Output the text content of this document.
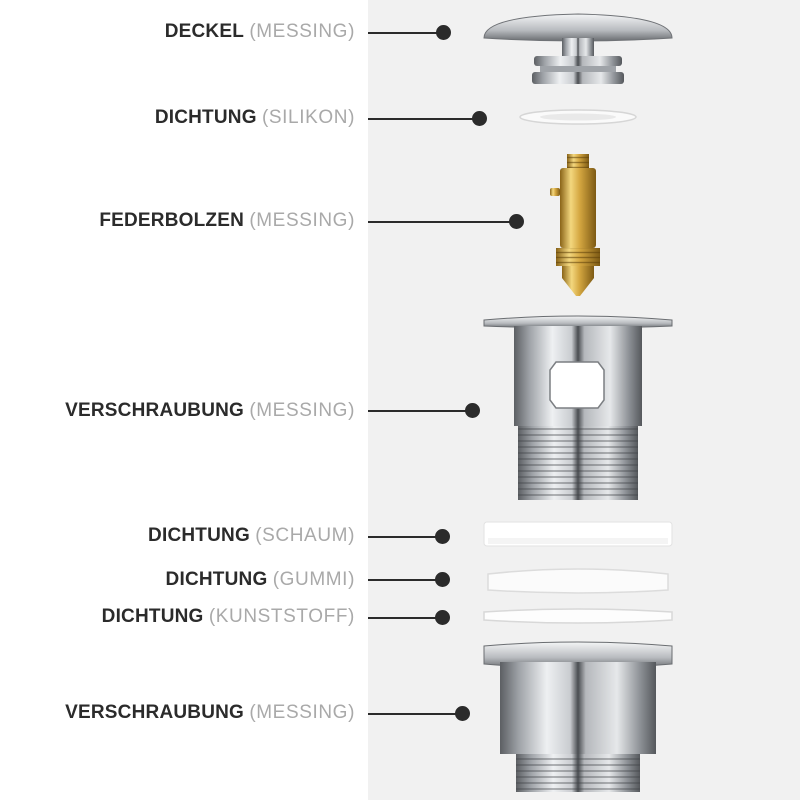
DECKEL (MESSING)
DICHTUNG (SILIKON)
FEDERBOLZEN (MESSING)
VERSCHRAUBUNG (MESSING)
DICHTUNG (SCHAUM)
DICHTUNG (GUMMI)
DICHTUNG (KUNSTSTOFF)
VERSCHRAUBUNG (MESSING)
